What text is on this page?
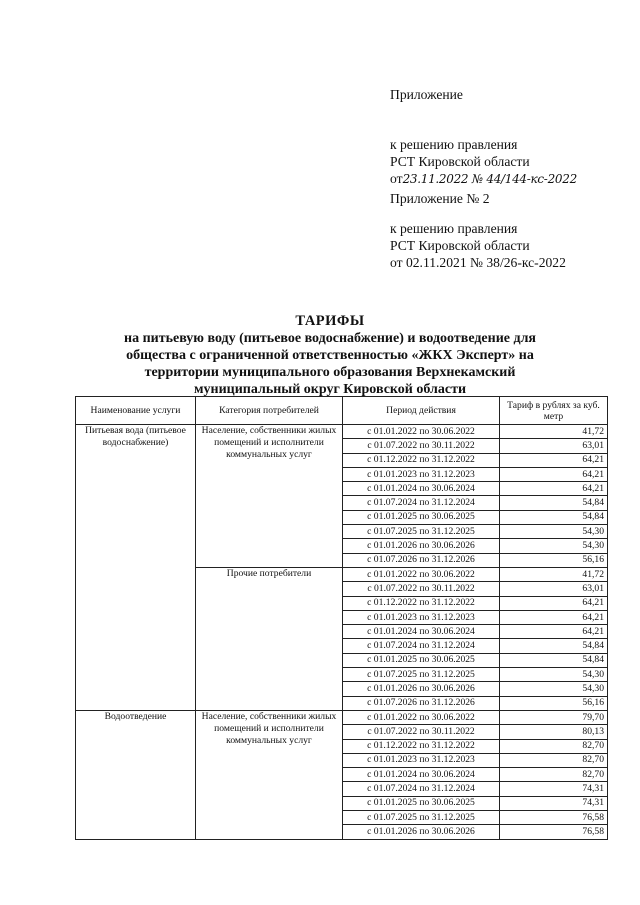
Приложение

к решению правления

РСТ Кировской области

от23.11.2022 № 44/144-кс-2022

Приложение № 2

к решению правления

РСТ Кировской области

от 02.11.2021 № 38/26-кс-2022

ТАРИФЫ

на питьевую воду (питьевое водоснабжение) и водоотведение для

общества с ограниченной ответственностью «ЖКХ Эксперт» на

территории муниципального образования Верхнекамский

муниципальный округ Кировской области

Наименование услуги	Категория потребителей	Период действия	Тариф в рублях за куб. метр
Питьевая вода (питьевое водоснабжение)	Население, собственники жилых помещений и исполнители коммунальных услуг	с 01.01.2022 по 30.06.2022	41,72
		с 01.07.2022 по 30.11.2022	63,01
		с 01.12.2022 по 31.12.2022	64,21
		с 01.01.2023 по 31.12.2023	64,21
		с 01.01.2024 по 30.06.2024	64,21
		с 01.07.2024 по 31.12.2024	54,84
		с 01.01.2025 по 30.06.2025	54,84
		с 01.07.2025 по 31.12.2025	54,30
		с 01.01.2026 по 30.06.2026	54,30
		с 01.07.2026 по 31.12.2026	56,16
	Прочие потребители	с 01.01.2022 по 30.06.2022	41,72
		с 01.07.2022 по 30.11.2022	63,01
		с 01.12.2022 по 31.12.2022	64,21
		с 01.01.2023 по 31.12.2023	64,21
		с 01.01.2024 по 30.06.2024	64,21
		с 01.07.2024 по 31.12.2024	54,84
		с 01.01.2025 по 30.06.2025	54,84
		с 01.07.2025 по 31.12.2025	54,30
		с 01.01.2026 по 30.06.2026	54,30
		с 01.07.2026 по 31.12.2026	56,16
Водоотведение	Население, собственники жилых помещений и исполнители коммунальных услуг	с 01.01.2022 по 30.06.2022	79,70
		с 01.07.2022 по 30.11.2022	80,13
		с 01.12.2022 по 31.12.2022	82,70
		с 01.01.2023 по 31.12.2023	82,70
		с 01.01.2024 по 30.06.2024	82,70
		с 01.07.2024 по 31.12.2024	74,31
		с 01.01.2025 по 30.06.2025	74,31
		с 01.07.2025 по 31.12.2025	76,58
		с 01.01.2026 по 30.06.2026	76,58
